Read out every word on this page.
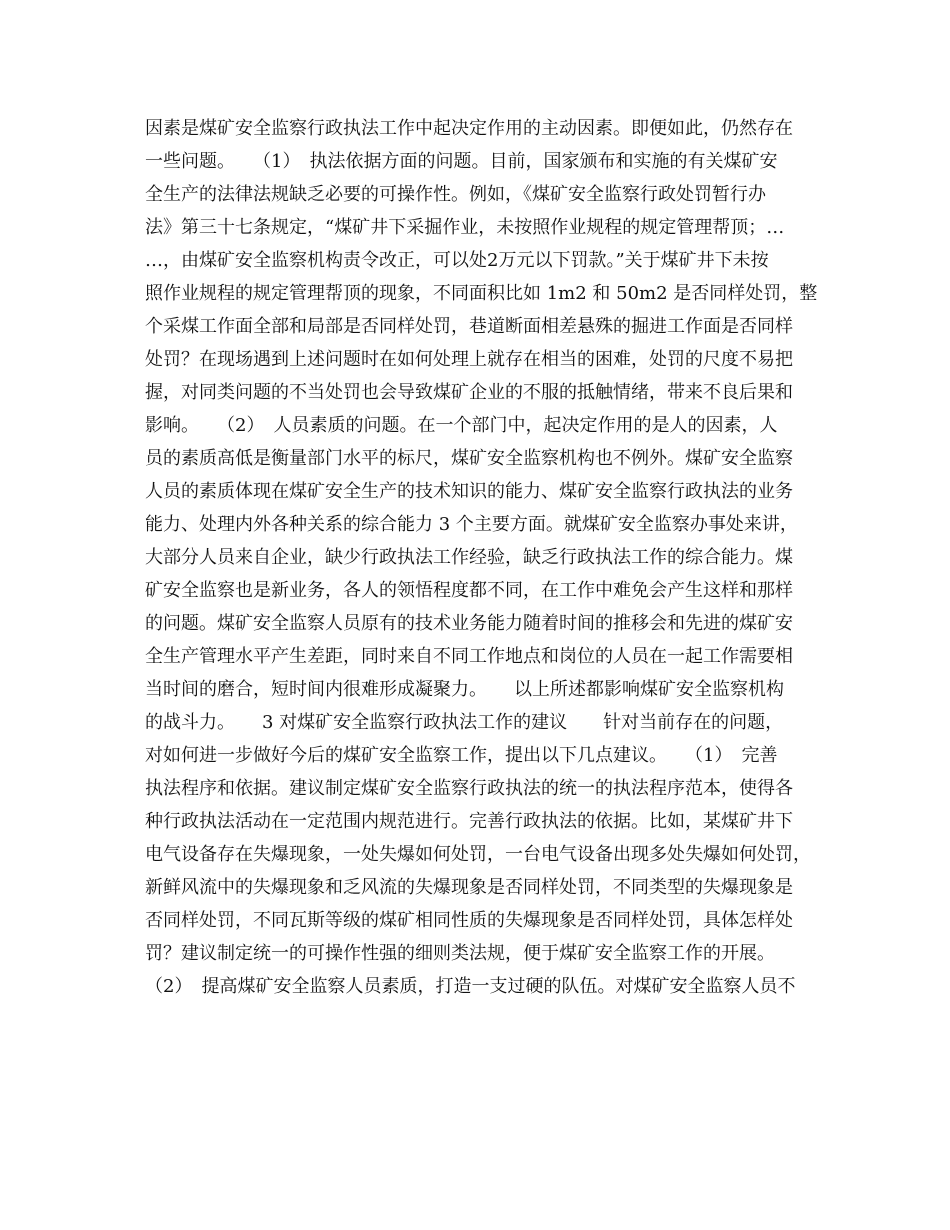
因素是煤矿安全监察行政执法工作中起决定作用的主动因素。即便如此，仍然存在
一些问题。　　（1）　执法依据方面的问题。目前，国家颁布和实施的有关煤矿安
全生产的法律法规缺乏必要的可操作性。例如，《煤矿安全监察行政处罚暂行办
法》第三十七条规定，“煤矿井下采掘作业，未按照作业规程的规定管理帮顶；…
…，由煤矿安全监察机构责令改正，可以处2万元以下罚款。”关于煤矿井下未按
照作业规程的规定管理帮顶的现象，不同面积比如 1m2 和 50m2 是否同样处罚，整
个采煤工作面全部和局部是否同样处罚，巷道断面相差悬殊的掘进工作面是否同样
处罚？在现场遇到上述问题时在如何处理上就存在相当的困难，处罚的尺度不易把
握，对同类问题的不当处罚也会导致煤矿企业的不服的抵触情绪，带来不良后果和
影响。　　（2）　人员素质的问题。在一个部门中，起决定作用的是人的因素，人
员的素质高低是衡量部门水平的标尺，煤矿安全监察机构也不例外。煤矿安全监察
人员的素质体现在煤矿安全生产的技术知识的能力、煤矿安全监察行政执法的业务
能力、处理内外各种关系的综合能力 3 个主要方面。就煤矿安全监察办事处来讲，
大部分人员来自企业，缺少行政执法工作经验，缺乏行政执法工作的综合能力。煤
矿安全监察也是新业务，各人的领悟程度都不同，在工作中难免会产生这样和那样
的问题。煤矿安全监察人员原有的技术业务能力随着时间的推移会和先进的煤矿安
全生产管理水平产生差距，同时来自不同工作地点和岗位的人员在一起工作需要相
当时间的磨合，短时间内很难形成凝聚力。　　以上所述都影响煤矿安全监察机构
的战斗力。　　3 对煤矿安全监察行政执法工作的建议　　针对当前存在的问题，
对如何进一步做好今后的煤矿安全监察工作，提出以下几点建议。　　（1）　完善
执法程序和依据。建议制定煤矿安全监察行政执法的统一的执法程序范本，使得各
种行政执法活动在一定范围内规范进行。完善行政执法的依据。比如，某煤矿井下
电气设备存在失爆现象，一处失爆如何处罚，一台电气设备出现多处失爆如何处罚，
新鲜风流中的失爆现象和乏风流的失爆现象是否同样处罚，不同类型的失爆现象是
否同样处罚，不同瓦斯等级的煤矿相同性质的失爆现象是否同样处罚，具体怎样处
罚？建议制定统一的可操作性强的细则类法规，便于煤矿安全监察工作的开展。
（2）　提高煤矿安全监察人员素质，打造一支过硬的队伍。对煤矿安全监察人员不
